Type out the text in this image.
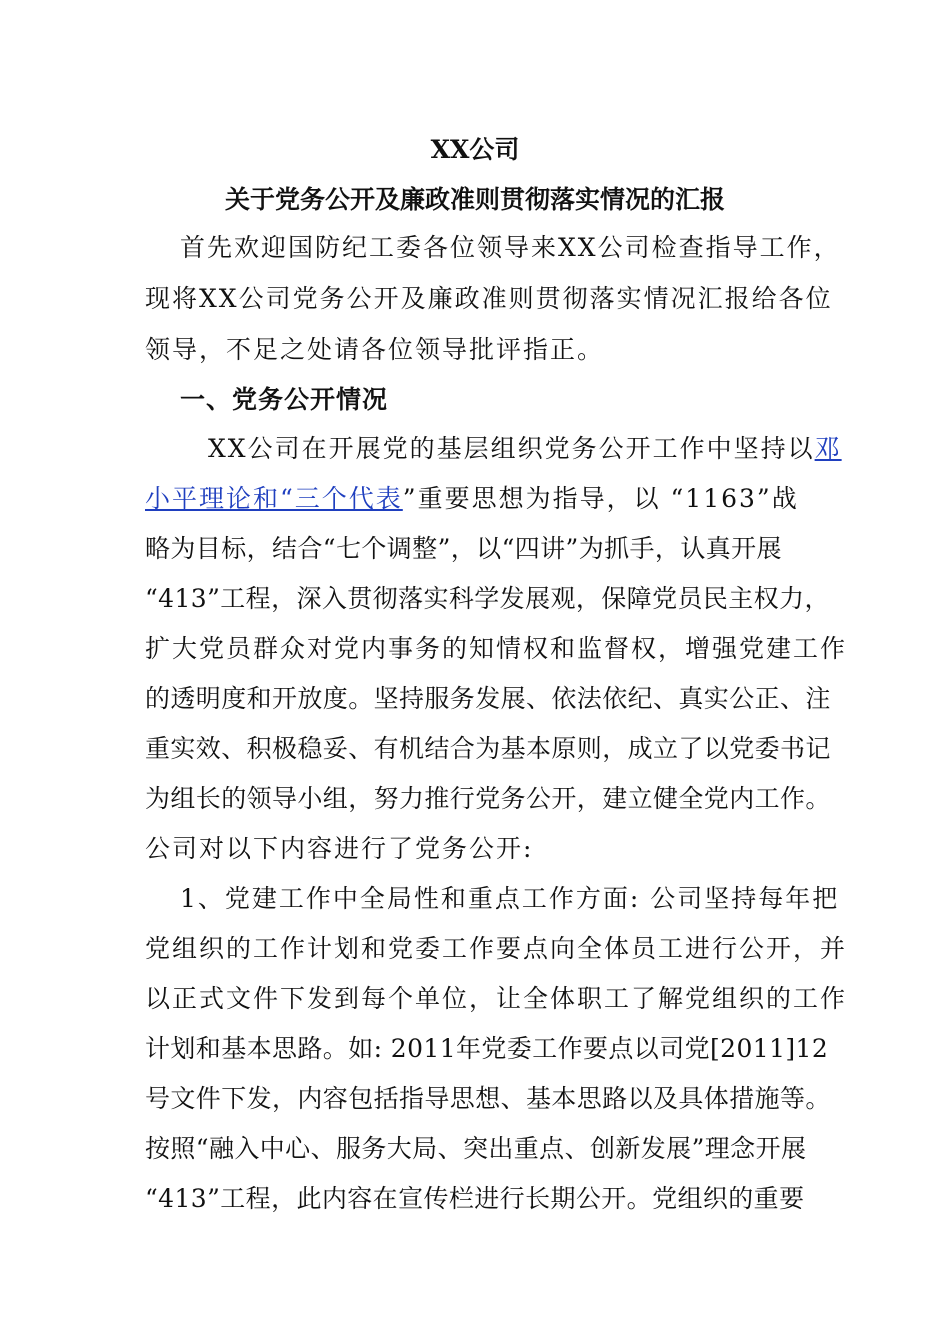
XX公司
关于党务公开及廉政准则贯彻落实情况的汇报
首先欢迎国防纪工委各位领导来XX公司检查指导工作，
现将XX公司党务公开及廉政准则贯彻落实情况汇报给各位
领导，不足之处请各位领导批评指正。
一、党务公开情况
XX公司在开展党的基层组织党务公开工作中坚持以邓
小平理论和“三个代表”重要思想为指导，以 “1163”战
略为目标，结合“七个调整”，以“四讲”为抓手，认真开展
“413”工程，深入贯彻落实科学发展观，保障党员民主权力，
扩大党员群众对党内事务的知情权和监督权，增强党建工作
的透明度和开放度。坚持服务发展、依法依纪、真实公正、注
重实效、积极稳妥、有机结合为基本原则，成立了以党委书记
为组长的领导小组，努力推行党务公开，建立健全党内工作。
公司对以下内容进行了党务公开:
1、党建工作中全局性和重点工作方面: 公司坚持每年把
党组织的工作计划和党委工作要点向全体员工进行公开，并
以正式文件下发到每个单位，让全体职工了解党组织的工作
计划和基本思路。如: 2011年党委工作要点以司党[2011]12
号文件下发，内容包括指导思想、基本思路以及具体措施等。
按照“融入中心、服务大局、突出重点、创新发展”理念开展
“413”工程，此内容在宣传栏进行长期公开。党组织的重要
